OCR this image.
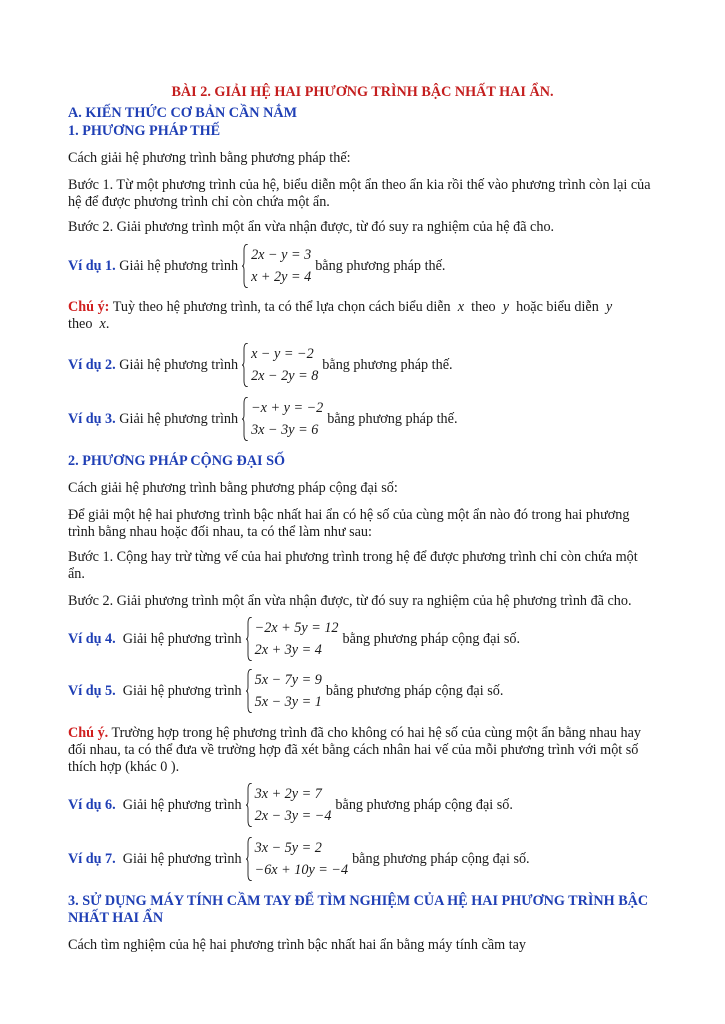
BÀI 2. GIẢI HỆ HAI PHƯƠNG TRÌNH BẬC NHẤT HAI ẨN.
A. KIẾN THỨC CƠ BẢN CẦN NẮM
1. PHƯƠNG PHÁP THẾ
Cách giải hệ phương trình bằng phương pháp thế:
Bước 1. Từ một phương trình của hệ, biểu diễn một ẩn theo ẩn kia rồi thế vào phương trình còn lại của hệ để được phương trình chỉ còn chứa một ẩn.
Bước 2. Giải phương trình một ẩn vừa nhận được, từ đó suy ra nghiệm của hệ đã cho.
Ví dụ 1.
Giải hệ phương trình
2x − y = 3
x + 2y = 4
bằng phương pháp thế.
Chú ý: Tuỳ theo hệ phương trình, ta có thể lựa chọn cách biểu diễn x theo y hoặc biểu diễn y
theo x.
Ví dụ 2.
Giải hệ phương trình
x − y = −2
2x − 2y = 8
bằng phương pháp thế.
Ví dụ 3.
Giải hệ phương trình
−x + y = −2
3x − 3y = 6
bằng phương pháp thế.
2. PHƯƠNG PHÁP CỘNG ĐẠI SỐ
Cách giải hệ phương trình bằng phương pháp cộng đại số:
Để giải một hệ hai phương trình bậc nhất hai ẩn có hệ số của cùng một ẩn nào đó trong hai phương trình bằng nhau hoặc đối nhau, ta có thể làm như sau:
Bước 1. Cộng hay trừ từng vế của hai phương trình trong hệ để được phương trình chỉ còn chứa một ẩn.
Bước 2. Giải phương trình một ẩn vừa nhận được, từ đó suy ra nghiệm của hệ phương trình đã cho.
Ví dụ 4.
Giải hệ phương trình
−2x + 5y = 12
2x + 3y = 4
bằng phương pháp cộng đại số.
Ví dụ 5.
Giải hệ phương trình
5x − 7y = 9
5x − 3y = 1
bằng phương pháp cộng đại số.
Chú ý. Trường hợp trong hệ phương trình đã cho không có hai hệ số của cùng một ẩn bằng nhau hay đối nhau, ta có thể đưa về trường hợp đã xét bằng cách nhân hai vế của mỗi phương trình với một số thích hợp (khác 0 ).
Ví dụ 6.
Giải hệ phương trình
3x + 2y = 7
2x − 3y = −4
bằng phương pháp cộng đại số.
Ví dụ 7.
Giải hệ phương trình
3x − 5y = 2
−6x + 10y = −4
bằng phương pháp cộng đại số.
3. SỬ DỤNG MÁY TÍNH CẦM TAY ĐỂ TÌM NGHIỆM CỦA HỆ HAI PHƯƠNG TRÌNH BẬC NHẤT HAI ẨN
Cách tìm nghiệm của hệ hai phương trình bậc nhất hai ẩn bằng máy tính cầm tay
